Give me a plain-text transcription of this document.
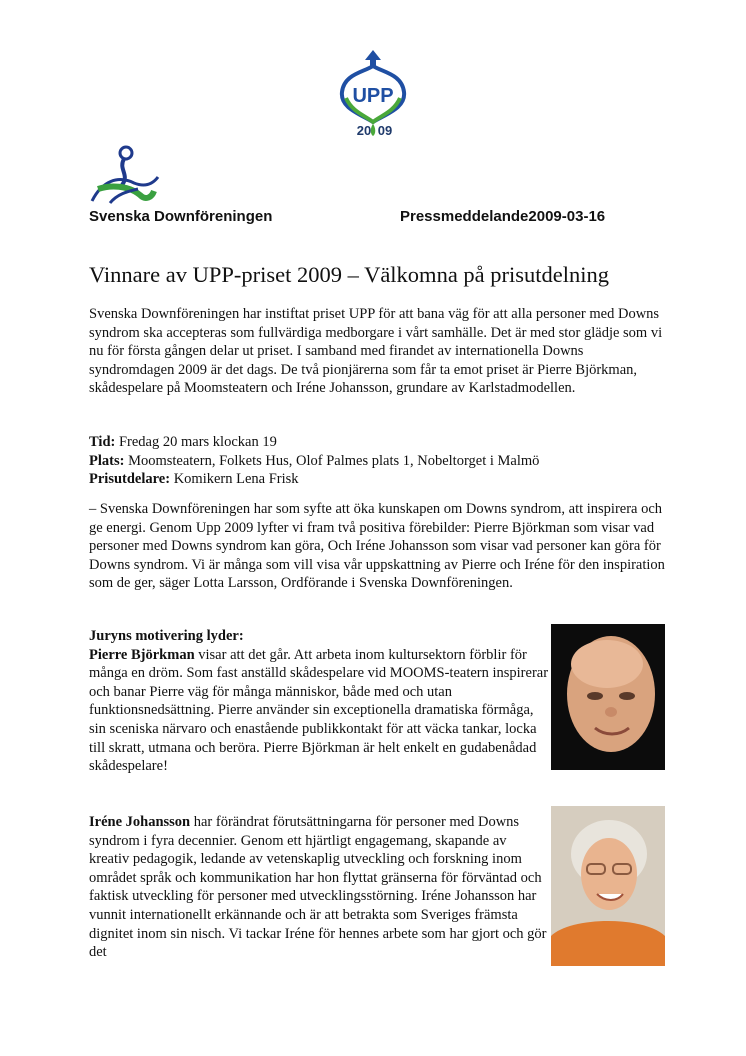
UPP
20 09
Svenska Downföreningen	Pressmeddelande2009-03-16
Vinnare av UPP-priset 2009 – Välkomna på prisutdelning
Svenska Downföreningen har instiftat priset UPP för att bana väg för att alla personer med Downs syndrom ska accepteras som fullvärdiga medborgare i vårt samhälle. Det är med stor glädje som vi nu för första gången delar ut priset. I samband med firandet av internationella Downs syndromdagen 2009 är det dags. De två pionjärerna som får ta emot priset är Pierre Björkman, skådespelare på Moomsteatern och Iréne Johansson, grundare av Karlstadmodellen.
Tid: Fredag 20 mars klockan 19
Plats: Moomsteatern, Folkets Hus, Olof Palmes plats 1, Nobeltorget i Malmö
Prisutdelare: Komikern Lena Frisk
– Svenska Downföreningen har som syfte att öka kunskapen om Downs syndrom, att inspirera och ge energi. Genom Upp 2009 lyfter vi fram två positiva förebilder: Pierre Björkman som visar vad personer med Downs syndrom kan göra, Och Iréne Johansson som visar vad personer kan göra för Downs syndrom. Vi är många som vill visa vår uppskattning av Pierre och Iréne för den inspiration som de ger, säger Lotta Larsson, Ordförande i Svenska Downföreningen.
Juryns motivering lyder:
Pierre Björkman visar att det går. Att arbeta inom kultursektorn förblir för många en dröm. Som fast anställd skådespelare vid MOOMS-teatern inspirerar och banar Pierre väg för många människor, både med och utan funktionsnedsättning. Pierre använder sin exceptionella dramatiska förmåga, sin sceniska närvaro och enastående publikkontakt för att väcka tankar, locka till skratt, utmana och beröra. Pierre Björkman är helt enkelt en gudabenådad skådespelare!
Iréne Johansson har förändrat förutsättningarna för personer med Downs syndrom i fyra decennier. Genom ett hjärtligt engagemang, skapande av kreativ pedagogik, ledande av vetenskaplig utveckling och forskning inom området språk och kommunikation har hon flyttat gränserna för förväntad och faktisk utveckling för personer med utvecklingsstörning. Iréne Johansson har vunnit internationellt erkännande och är att betrakta som Sveriges främsta dignitet inom sin nisch. Vi tackar Iréne för hennes arbete som har gjort och gör det
